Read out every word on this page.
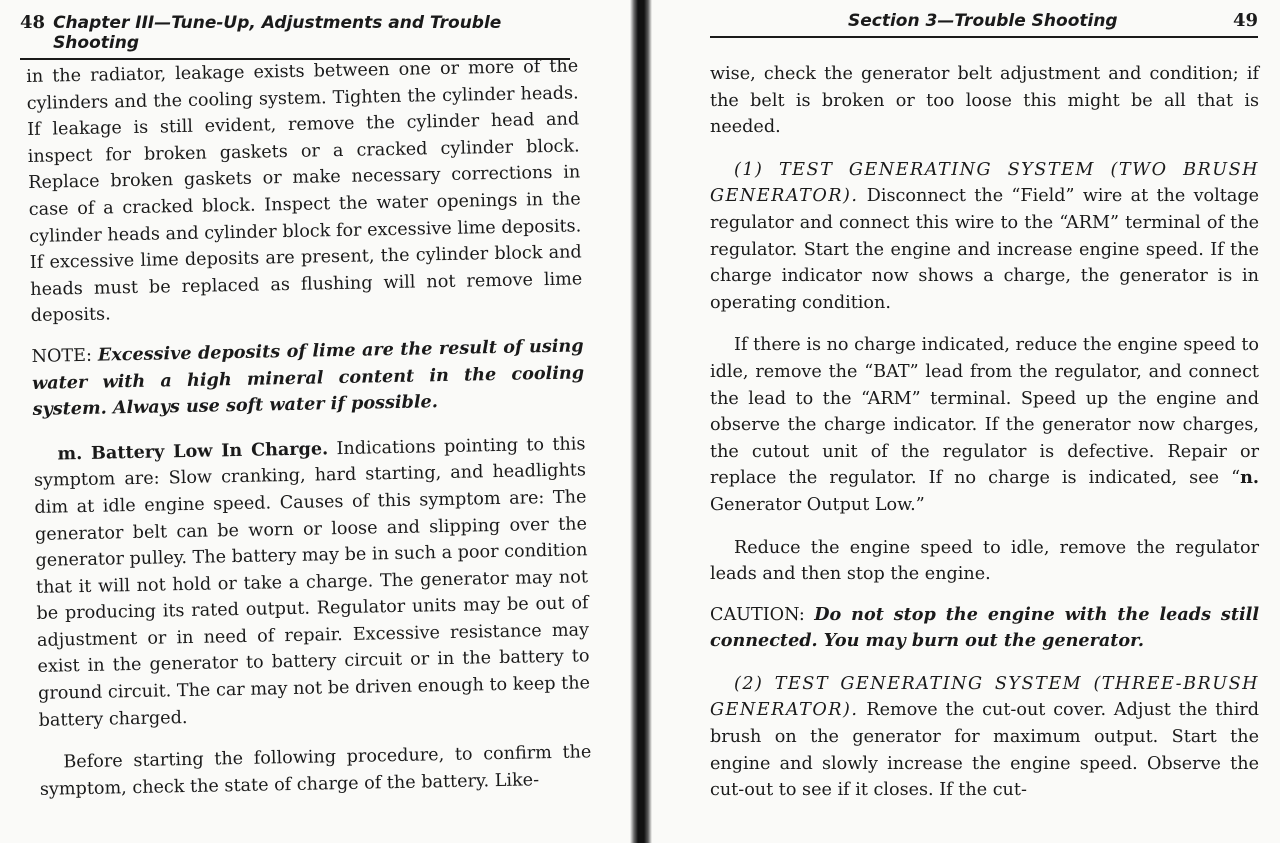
48 Chapter III—Tune-Up, Adjustments and Trouble Shooting

in the radiator, leakage exists between one or more of the cylinders and the cooling system. Tighten the cylinder heads. If leakage is still evident, remove the cylinder head and inspect for broken gaskets or a cracked cylinder block. Replace broken gaskets or make necessary corrections in case of a cracked block. Inspect the water openings in the cylinder heads and cylinder block for excessive lime deposits. If excessive lime deposits are present, the cylinder block and heads must be replaced as flushing will not remove lime deposits.

NOTE: Excessive deposits of lime are the result of using water with a high mineral content in the cooling system. Always use soft water if possible.

m. Battery Low In Charge. Indications pointing to this symptom are: Slow cranking, hard starting, and headlights dim at idle engine speed. Causes of this symptom are: The generator belt can be worn or loose and slipping over the generator pulley. The battery may be in such a poor condition that it will not hold or take a charge. The generator may not be producing its rated output. Regulator units may be out of adjustment or in need of repair. Excessive resistance may exist in the generator to battery circuit or in the battery to ground circuit. The car may not be driven enough to keep the battery charged.

Before starting the following procedure, to confirm the symptom, check the state of charge of the battery. Like-

Section 3—Trouble Shooting	49

wise, check the generator belt adjustment and condition; if the belt is broken or too loose this might be all that is needed.

(1) TEST GENERATING SYSTEM (TWO BRUSH GENERATOR). Disconnect the “Field” wire at the voltage regulator and connect this wire to the “ARM” terminal of the regulator. Start the engine and increase engine speed. If the charge indicator now shows a charge, the generator is in operating condition.

If there is no charge indicated, reduce the engine speed to idle, remove the “BAT” lead from the regulator, and connect the lead to the “ARM” terminal. Speed up the engine and observe the charge indicator. If the generator now charges, the cutout unit of the regulator is defective. Repair or replace the regulator. If no charge is indicated, see “n. Generator Output Low.”

Reduce the engine speed to idle, remove the regulator leads and then stop the engine.

CAUTION: Do not stop the engine with the leads still connected. You may burn out the generator.

(2) TEST GENERATING SYSTEM (THREE-BRUSH GENERATOR). Remove the cut-out cover. Adjust the third brush on the generator for maximum output. Start the engine and slowly increase the engine speed. Observe the cut-out to see if it closes. If the cut-
